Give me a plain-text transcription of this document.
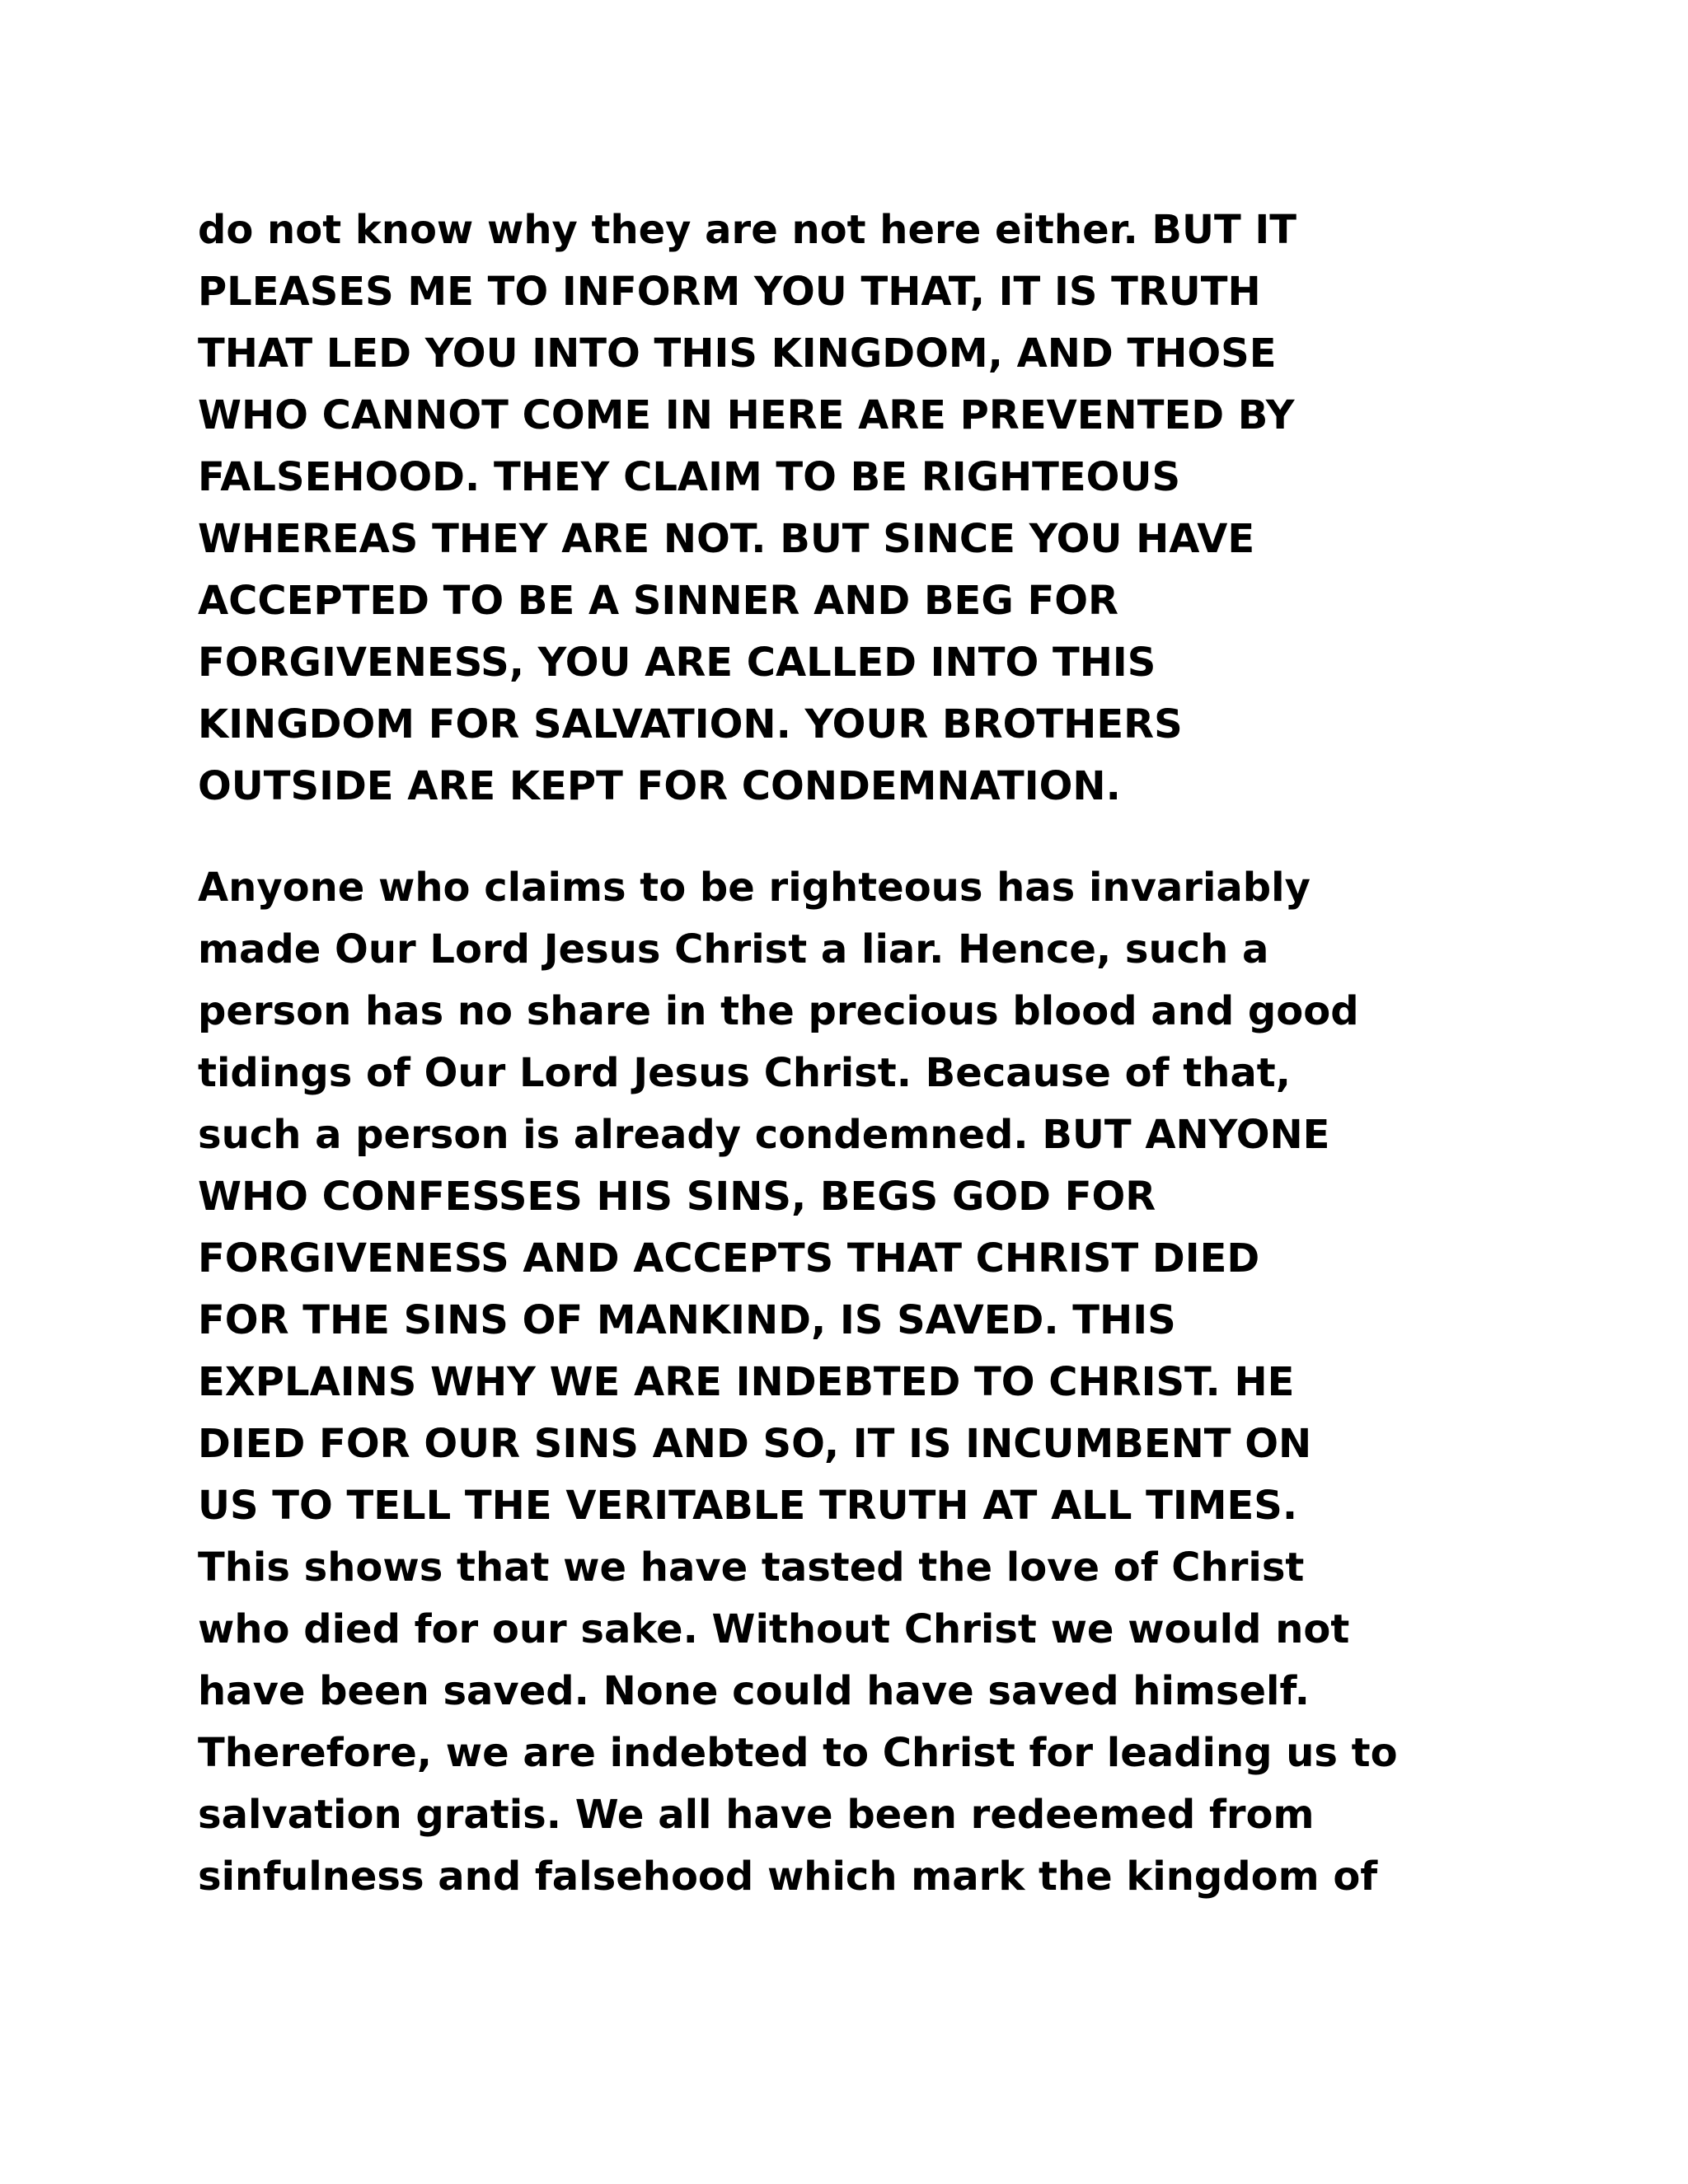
do not know why they are not here either. BUT IT
PLEASES ME TO INFORM YOU THAT, IT IS TRUTH
THAT LED YOU INTO THIS KINGDOM, AND THOSE
WHO CANNOT COME IN HERE ARE PREVENTED BY
FALSEHOOD. THEY CLAIM TO BE RIGHTEOUS
WHEREAS THEY ARE NOT. BUT SINCE YOU HAVE
ACCEPTED TO BE A SINNER AND BEG FOR
FORGIVENESS, YOU ARE CALLED INTO THIS
KINGDOM FOR SALVATION. YOUR BROTHERS
OUTSIDE ARE KEPT FOR CONDEMNATION.
Anyone who claims to be righteous has invariably
made Our Lord Jesus Christ a liar. Hence, such a
person has no share in the precious blood and good
tidings of Our Lord Jesus Christ. Because of that,
such a person is already condemned. BUT ANYONE
WHO CONFESSES HIS SINS, BEGS GOD FOR
FORGIVENESS AND ACCEPTS THAT CHRIST DIED
FOR THE SINS OF MANKIND, IS SAVED. THIS
EXPLAINS WHY WE ARE INDEBTED TO CHRIST. HE
DIED FOR OUR SINS AND SO, IT IS INCUMBENT ON
US TO TELL THE VERITABLE TRUTH AT ALL TIMES.
This shows that we have tasted the love of Christ
who died for our sake. Without Christ we would not
have been saved. None could have saved himself.
Therefore, we are indebted to Christ for leading us to
salvation gratis. We all have been redeemed from
sinfulness and falsehood which mark the kingdom of
